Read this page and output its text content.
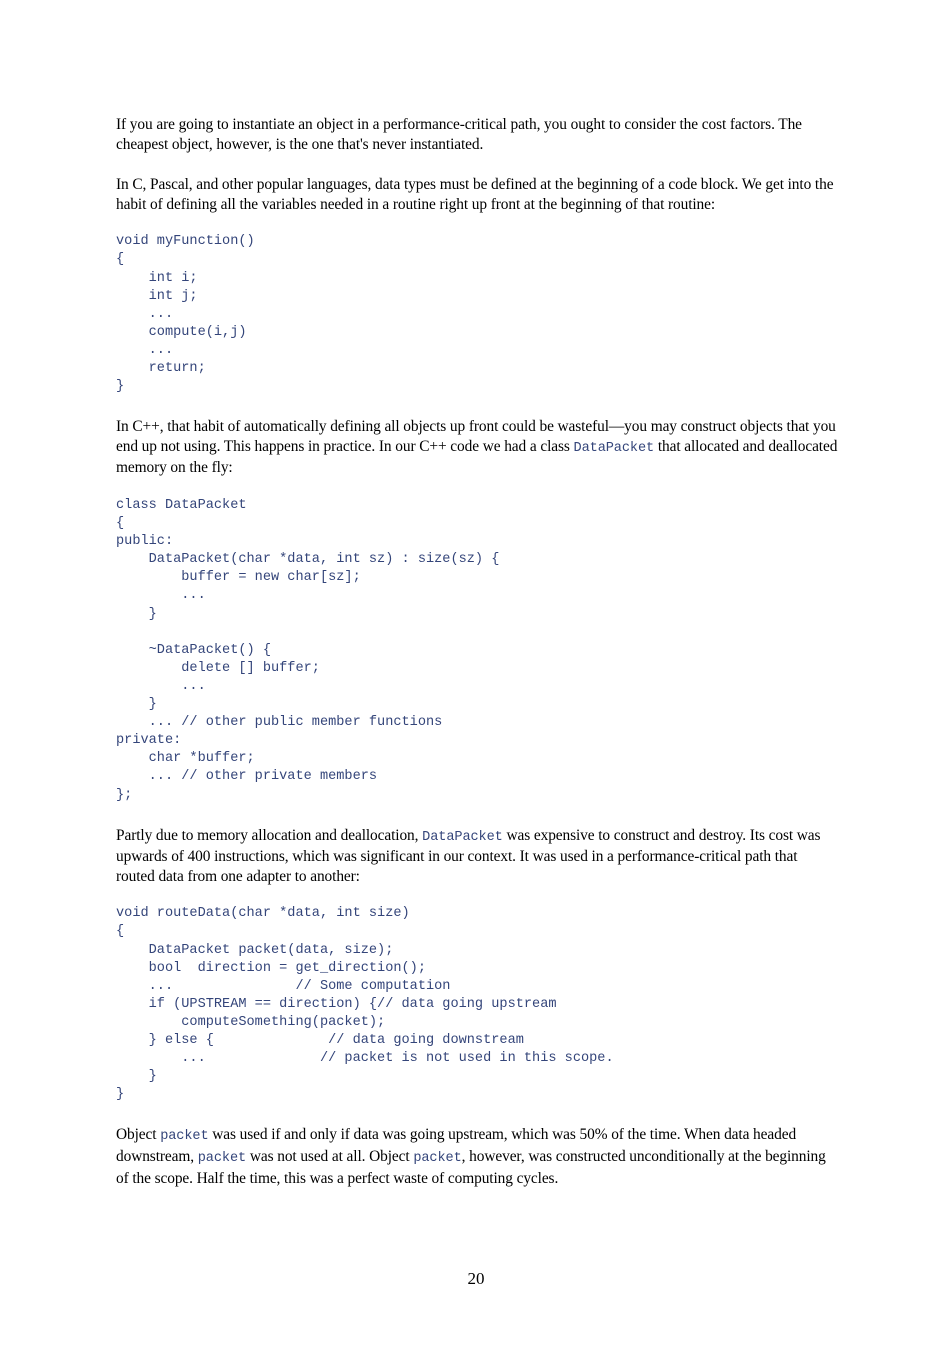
If you are going to instantiate an object in a performance-critical path, you ought to consider the cost factors. The cheapest object, however, is the one that's never instantiated.

In C, Pascal, and other popular languages, data types must be defined at the beginning of a code block. We get into the habit of defining all the variables needed in a routine right up front at the beginning of that routine:

void myFunction()
{
int i;
int j;
...
compute(i,j)
...
return;
}

In C++, that habit of automatically defining all objects up front could be wasteful—you may construct objects that you end up not using. This happens in practice. In our C++ code we had a class DataPacket that allocated and deallocated memory on the fly:

class DataPacket
{
public:
DataPacket(char *data, int sz) : size(sz) {
buffer = new char[sz];
...
}

~DataPacket() {
delete [] buffer;
...
}
... // other public member functions
private:
char *buffer;
... // other private members
};

Partly due to memory allocation and deallocation, DataPacket was expensive to construct and destroy. Its cost was upwards of 400 instructions, which was significant in our context. It was used in a performance-critical path that routed data from one adapter to another:

void routeData(char *data, int size)
{
DataPacket packet(data, size);
bool  direction = get_direction();
...               // Some computation
if (UPSTREAM == direction) {// data going upstream
computeSomething(packet);
} else {              // data going downstream
...              // packet is not used in this scope.
}
}

Object packet was used if and only if data was going upstream, which was 50% of the time. When data headed downstream, packet was not used at all. Object packet, however, was constructed unconditionally at the beginning of the scope. Half the time, this was a perfect waste of computing cycles.

20
